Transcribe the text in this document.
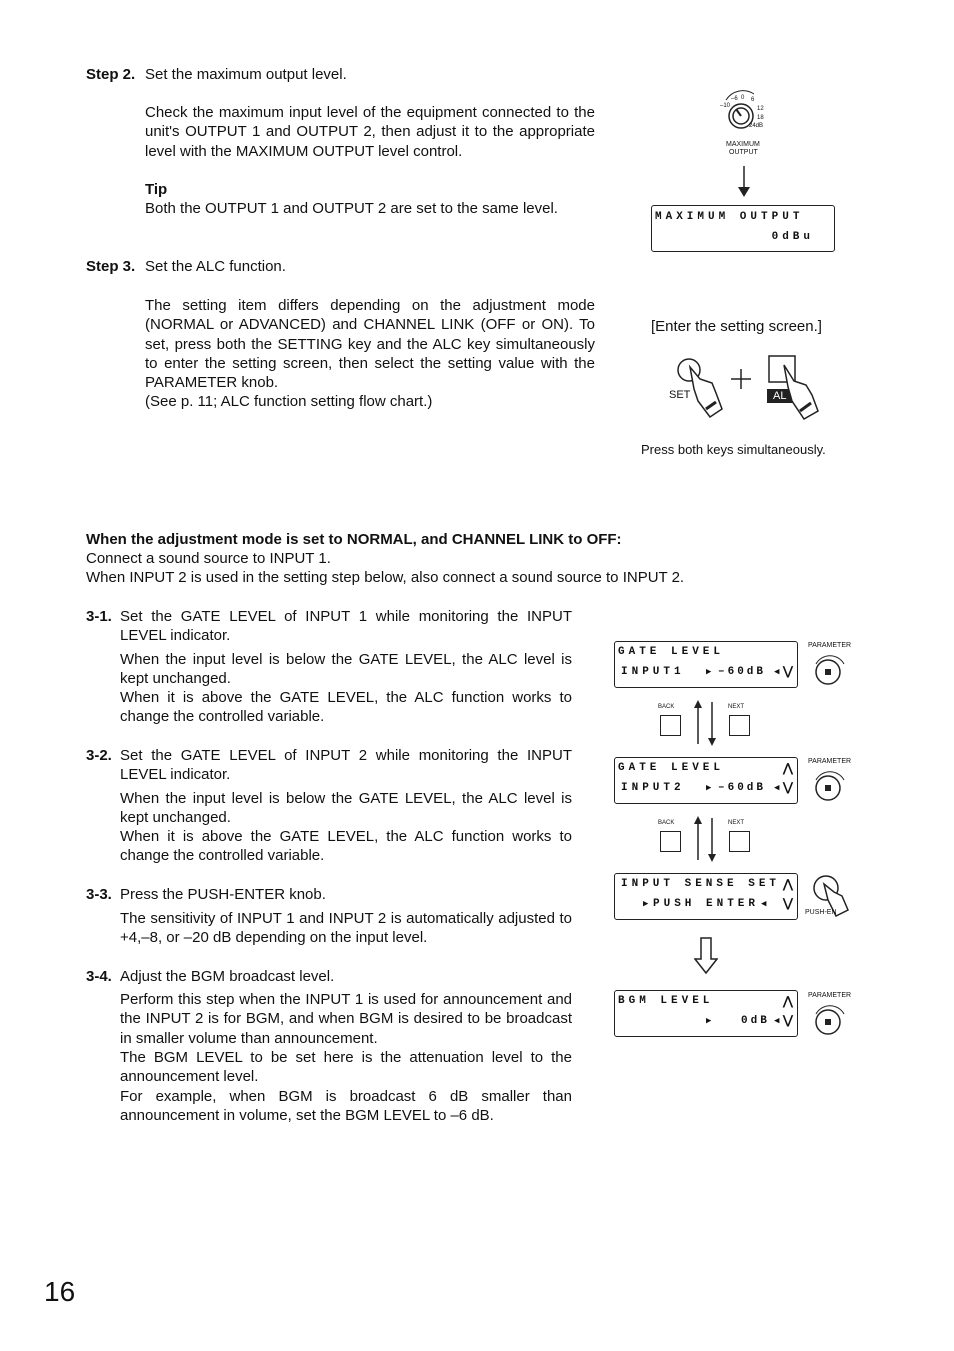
Step 2. Set the maximum output level.
Check the maximum input level of the equipment connected to the unit's OUTPUT 1 and OUTPUT 2, then adjust it to the appropriate level with the MAXIMUM OUTPUT level control.
Tip
Both the OUTPUT 1 and OUTPUT 2 are set to the same level.
–10
–6 0 6
12
18
24dB
MAXIMUM
OUTPUT
MAXIMUM OUTPUT
0dBu
Step 3. Set the ALC function.
The setting item differs depending on the adjustment mode (NORMAL or ADVANCED) and CHANNEL LINK (OFF or ON). To set, press both the SETTING key and the ALC key simultaneously to enter the setting screen, then select the setting value with the PARAMETER knob.
(See p. 11; ALC function setting flow chart.)
[Enter the setting screen.]
SET	AL
Press both keys simultaneously.
When the adjustment mode is set to NORMAL, and CHANNEL LINK to OFF:
Connect a sound source to INPUT 1.
When INPUT 2 is used in the setting step below, also connect a sound source to INPUT 2.
3-1. Set the GATE LEVEL of INPUT 1 while monitoring the INPUT LEVEL indicator.
When the input level is below the GATE LEVEL, the ALC level is kept unchanged.
When it is above the GATE LEVEL, the ALC function works to change the controlled variable.
3-2. Set the GATE LEVEL of INPUT 2 while monitoring the INPUT LEVEL indicator.
When the input level is below the GATE LEVEL, the ALC level is kept unchanged.
When it is above the GATE LEVEL, the ALC function works to change the controlled variable.
3-3. Press the PUSH-ENTER knob.
The sensitivity of INPUT 1 and INPUT 2 is automatically adjusted to +4,–8, or –20 dB depending on the input level.
3-4. Adjust the BGM broadcast level.
Perform this step when the INPUT 1 is used for announcement and the INPUT 2 is for BGM, and when BGM is desired to be broadcast in smaller volume than announcement.
The BGM LEVEL to be set here is the attenuation level to the announcement level.
For example, when BGM is broadcast 6 dB smaller than announcement in volume, set the BGM LEVEL to –6 dB.
GATE LEVEL
INPUT1 ▶ –60dB ◀ ⋁
PARAMETER
BACK	NEXT
GATE LEVEL	⋀
INPUT2 ▶ –60dB ◀ ⋁
PARAMETER
BACK	NEXT
INPUT SENSE SET ⋀
▶ PUSH ENTER ◀ ⋁
PUSH-EN
BGM LEVEL	⋀
▶	0dB ◀ ⋁
PARAMETER
16
